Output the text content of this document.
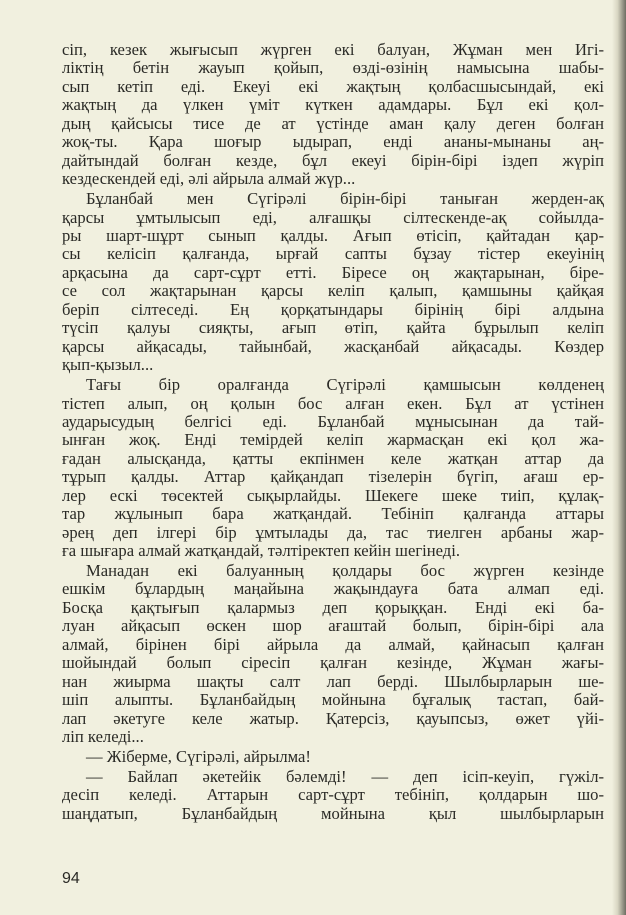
сіп, кезек жығысып жүрген екі балуан, Жұман мен Игі-
ліктің бетін жауып қойып, өзді-өзінің намысына шабы-
сып кетіп еді. Екеуі екі жақтың қолбасшысындай, екі
жақтың да үлкен үміт күткен адамдары. Бұл екі қол-
дың қайсысы тисе де ат үстінде аман қалу деген болған
жоқ-ты. Қара шоғыр ыдырап, енді ананы-мынаны аң-
дайтындай болған кезде, бұл екеуі бірін-бірі іздеп жүріп
кездескендей еді, әлі айрыла алмай жүр...
Бұланбай мен Сүгірәлі бірін-бірі таныған жерден-ақ
қарсы ұмтылысып еді, алғашқы сілтескенде-ақ сойылда-
ры шарт-шұрт сынып қалды. Ағып өтісіп, қайтадан қар-
сы келісіп қалғанда, ырғай сапты бұзау тістер екеуінің
арқасына да сарт-сұрт етті. Біресе оң жақтарынан, біре-
се сол жақтарынан қарсы келіп қалып, қамшыны қайқая
беріп сілтеседі. Ең қорқатындары бірінің бірі алдына
түсіп қалуы сияқты, ағып өтіп, қайта бұрылып келіп
қарсы айқасады, тайынбай, жасқанбай айқасады. Көздер
қып-қызыл...
Тағы бір оралғанда Сүгірәлі қамшысын көлденең
тістеп алып, оң қолын бос алған екен. Бұл ат үстінен
аударысудың белгісі еді. Бұланбай мұнысынан да тай-
ынған жоқ. Енді темірдей келіп жармасқан екі қол жа-
ғадан алысқанда, қатты екпінмен келе жатқан аттар да
тұрып қалды. Аттар қайқандап тізелерін бүгіп, ағаш ер-
лер ескі төсектей сықырлайды. Шекеге шеке тиіп, құлақ-
тар жұлынып бара жатқандай. Тебініп қалғанда аттары
әрең деп ілгері бір ұмтылады да, тас тиелген арбаны жар-
ға шығара алмай жатқандай, тәлтіректеп кейін шегінеді.
Манадан екі балуанның қолдары бос жүрген кезінде
ешкім бұлардың маңайына жақындауға бата алмап еді.
Босқа қақтығып қалармыз деп қорыққан. Енді екі ба-
луан айқасып өскен шор ағаштай болып, бірін-бірі ала
алмай, бірінен бірі айрыла да алмай, қайнасып қалған
шойындай болып сіресіп қалған кезінде, Жұман жағы-
нан жиырма шақты салт лап берді. Шылбырларын ше-
шіп алыпты. Бұланбайдың мойнына бұғалық тастап, бай-
лап әкетуге келе жатыр. Қатерсіз, қауыпсыз, өжет үйі-
ліп келеді...
— Жіберме, Сүгірәлі, айрылма!
— Байлап әкетейік бәлемді! — деп ісіп-кеуіп, гүжіл-
десіп келеді. Аттарын сарт-сұрт тебініп, қолдарын шо-
шаңдатып, Бұланбайдың мойнына қыл шылбырларын
94
